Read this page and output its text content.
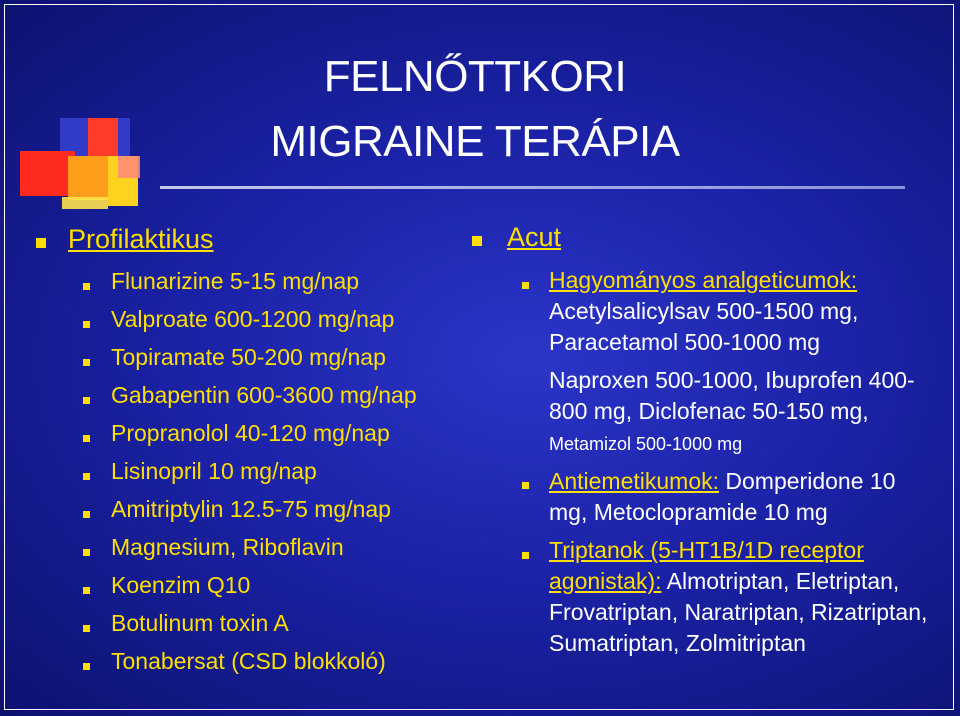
FELNŐTTKORI
MIGRAINE TERÁPIA
Profilaktikus
Flunarizine 5-15 mg/nap
Valproate 600-1200 mg/nap
Topiramate 50-200 mg/nap
Gabapentin 600-3600 mg/nap
Propranolol 40-120 mg/nap
Lisinopril 10 mg/nap
Amitriptylin 12.5-75 mg/nap
Magnesium, Riboflavin
Koenzim Q10
Botulinum toxin A
Tonabersat (CSD blokkoló)
Acut
Hagyományos analgeticumok: Acetylsalicylsav 500-1500 mg, Paracetamol 500-1000 mg
Naproxen 500-1000, Ibuprofen 400-800 mg, Diclofenac 50-150 mg, Metamizol 500-1000 mg
Antiemetikumok: Domperidone 10 mg, Metoclopramide 10 mg
Triptanok (5-HT1B/1D receptor agonistak): Almotriptan, Eletriptan, Frovatriptan, Naratriptan, Rizatriptan, Sumatriptan, Zolmitriptan
